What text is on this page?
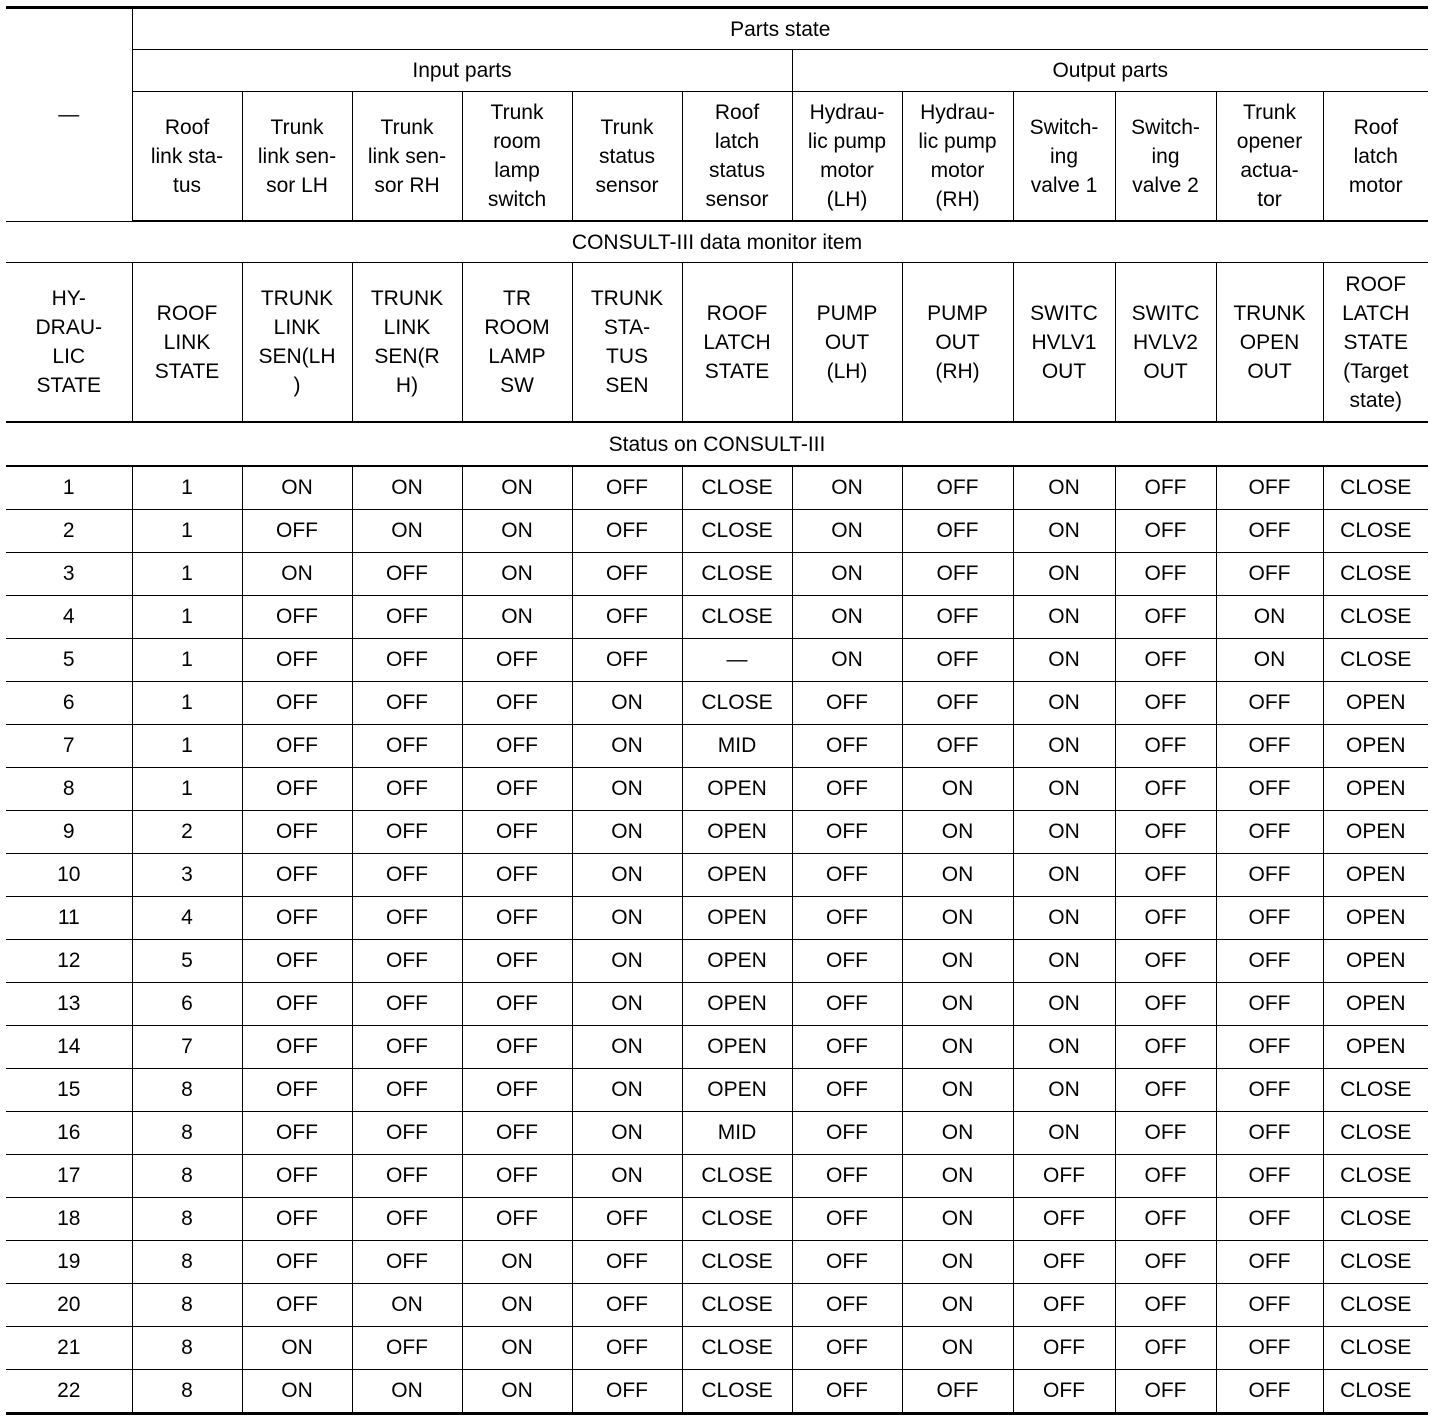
—	Parts state											
	Input parts						Output parts					
	Roof
link sta-
tus	Trunk
link sen-
sor LH	Trunk
link sen-
sor RH	Trunk
room
lamp
switch	Trunk
status
sensor	Roof
latch
status
sensor	Hydrau-
lic pump
motor
(LH)	Hydrau-
lic pump
motor
(RH)	Switch-
ing
valve 1	Switch-
ing
valve 2	Trunk
opener
actua-
tor	Roof
latch
motor
CONSULT-III data monitor item												
HY-
DRAU-
LIC
STATE	ROOF
LINK
STATE	TRUNK
LINK
SEN(LH
)	TRUNK
LINK
SEN(R
H)	TR
ROOM
LAMP
SW	TRUNK
STA-
TUS
SEN	ROOF
LATCH
STATE	PUMP
OUT
(LH)	PUMP
OUT
(RH)	SWITC
HVLV1
OUT	SWITC
HVLV2
OUT	TRUNK
OPEN
OUT	ROOF
LATCH
STATE
(Target
state)
Status on CONSULT-III												
1	1	ON	ON	ON	OFF	CLOSE	ON	OFF	ON	OFF	OFF	CLOSE
2	1	OFF	ON	ON	OFF	CLOSE	ON	OFF	ON	OFF	OFF	CLOSE
3	1	ON	OFF	ON	OFF	CLOSE	ON	OFF	ON	OFF	OFF	CLOSE
4	1	OFF	OFF	ON	OFF	CLOSE	ON	OFF	ON	OFF	ON	CLOSE
5	1	OFF	OFF	OFF	OFF	—	ON	OFF	ON	OFF	ON	CLOSE
6	1	OFF	OFF	OFF	ON	CLOSE	OFF	OFF	ON	OFF	OFF	OPEN
7	1	OFF	OFF	OFF	ON	MID	OFF	OFF	ON	OFF	OFF	OPEN
8	1	OFF	OFF	OFF	ON	OPEN	OFF	ON	ON	OFF	OFF	OPEN
9	2	OFF	OFF	OFF	ON	OPEN	OFF	ON	ON	OFF	OFF	OPEN
10	3	OFF	OFF	OFF	ON	OPEN	OFF	ON	ON	OFF	OFF	OPEN
11	4	OFF	OFF	OFF	ON	OPEN	OFF	ON	ON	OFF	OFF	OPEN
12	5	OFF	OFF	OFF	ON	OPEN	OFF	ON	ON	OFF	OFF	OPEN
13	6	OFF	OFF	OFF	ON	OPEN	OFF	ON	ON	OFF	OFF	OPEN
14	7	OFF	OFF	OFF	ON	OPEN	OFF	ON	ON	OFF	OFF	OPEN
15	8	OFF	OFF	OFF	ON	OPEN	OFF	ON	ON	OFF	OFF	CLOSE
16	8	OFF	OFF	OFF	ON	MID	OFF	ON	ON	OFF	OFF	CLOSE
17	8	OFF	OFF	OFF	ON	CLOSE	OFF	ON	OFF	OFF	OFF	CLOSE
18	8	OFF	OFF	OFF	OFF	CLOSE	OFF	ON	OFF	OFF	OFF	CLOSE
19	8	OFF	OFF	ON	OFF	CLOSE	OFF	ON	OFF	OFF	OFF	CLOSE
20	8	OFF	ON	ON	OFF	CLOSE	OFF	ON	OFF	OFF	OFF	CLOSE
21	8	ON	OFF	ON	OFF	CLOSE	OFF	ON	OFF	OFF	OFF	CLOSE
22	8	ON	ON	ON	OFF	CLOSE	OFF	OFF	OFF	OFF	OFF	CLOSE
